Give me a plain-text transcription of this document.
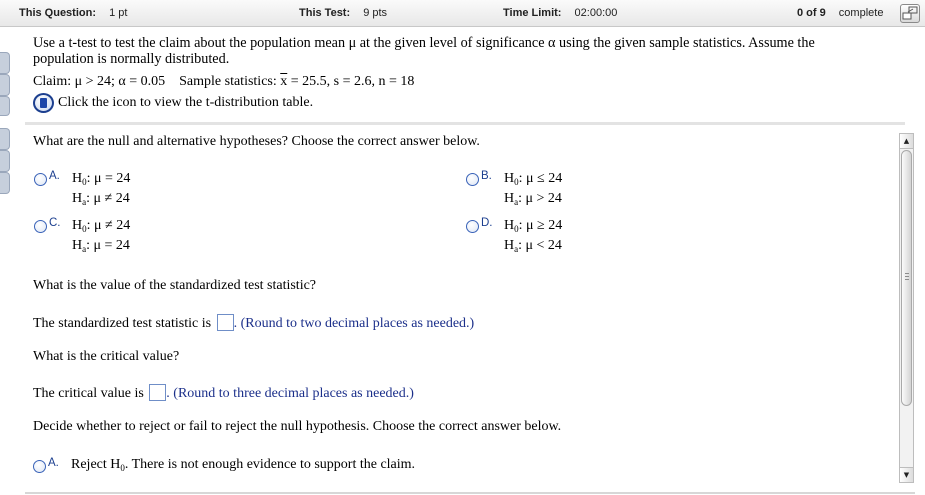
This Question: 1 pt	This Test: 9 pts	Time Limit: 02:00:00	0 of 9 complete
Use a t-test to test the claim about the population mean μ at the given level of significance α using the given sample statistics. Assume the population is normally distributed.
Claim: μ > 24; α = 0.05 Sample statistics: $\overline{x} = 25.5$, s = 2.6, n = 18
Click the icon to view the t-distribution table.
What are the null and alternative hypotheses? Choose the correct answer below.
A. $H_0$: μ = 24
$H_a$: μ ≠ 24
B. $H_0$: μ ≤ 24
$H_a$: μ > 24
C. $H_0$: μ ≠ 24
$H_a$: μ = 24
D. $H_0$: μ ≥ 24
$H_a$: μ < 24
What is the value of the standardized test statistic?
The standardized test statistic is . (Round to two decimal places as needed.)
What is the critical value?
The critical value is . (Round to three decimal places as needed.)
Decide whether to reject or fail to reject the null hypothesis. Choose the correct answer below.
A. Reject $H_0$. There is not enough evidence to support the claim.
▲
▼
